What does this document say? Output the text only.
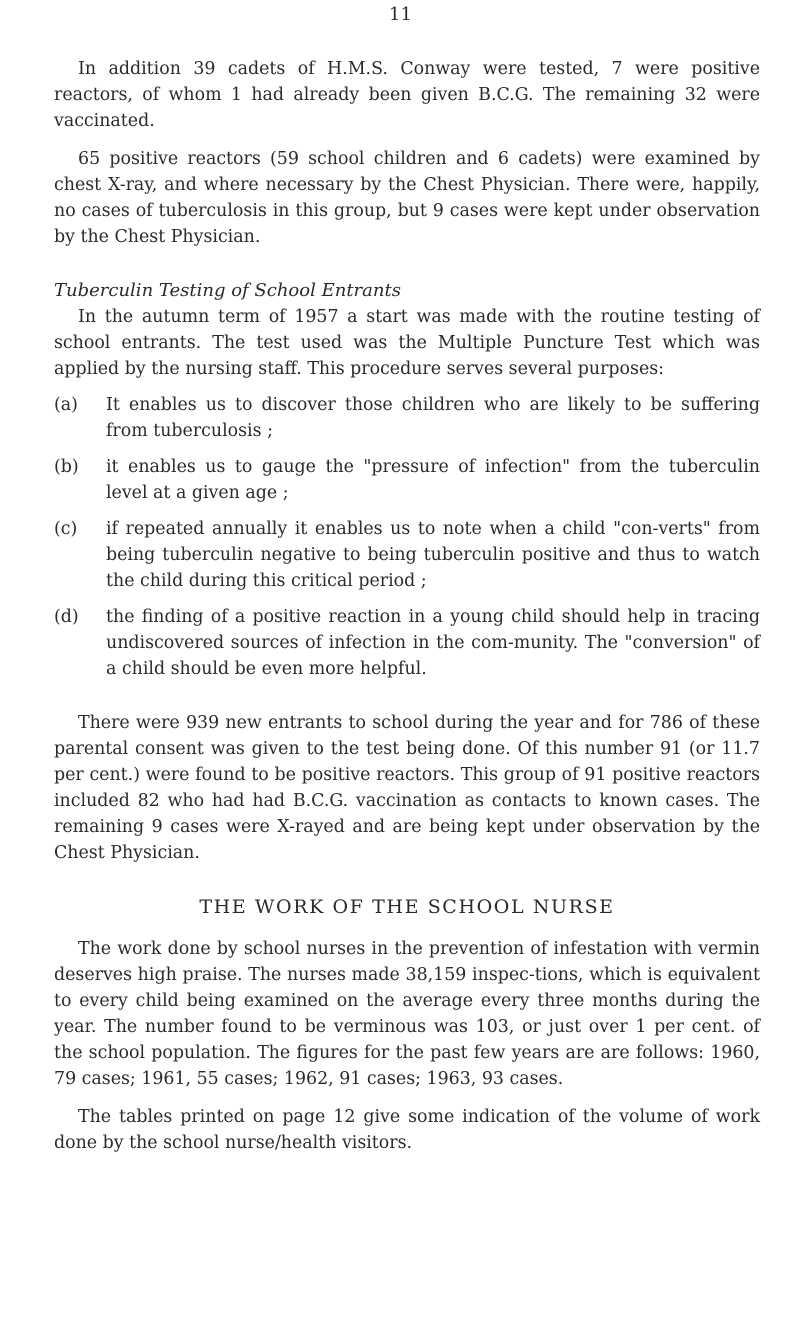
11

In addition 39 cadets of H.M.S. Conway were tested, 7 were positive reactors, of whom 1 had already been given B.C.G. The remaining 32 were vaccinated.

65 positive reactors (59 school children and 6 cadets) were examined by chest X-ray, and where necessary by the Chest Physician. There were, happily, no cases of tuberculosis in this group, but 9 cases were kept under observation by the Chest Physician.

Tuberculin Testing of School Entrants

In the autumn term of 1957 a start was made with the routine testing of school entrants. The test used was the Multiple Puncture Test which was applied by the nursing staff. This procedure serves several purposes:

(a) It enables us to discover those children who are likely to be suffering from tuberculosis ;
(b) it enables us to gauge the "pressure of infection" from the tuberculin level at a given age ;
(c) if repeated annually it enables us to note when a child "con-verts" from being tuberculin negative to being tuberculin positive and thus to watch the child during this critical period ;
(d) the finding of a positive reaction in a young child should help in tracing undiscovered sources of infection in the com-munity. The "conversion" of a child should be even more helpful.

There were 939 new entrants to school during the year and for 786 of these parental consent was given to the test being done. Of this number 91 (or 11.7 per cent.) were found to be positive reactors. This group of 91 positive reactors included 82 who had had B.C.G. vaccination as contacts to known cases. The remaining 9 cases were X-rayed and are being kept under observation by the Chest Physician.

THE WORK OF THE SCHOOL NURSE

The work done by school nurses in the prevention of infestation with vermin deserves high praise. The nurses made 38,159 inspec-tions, which is equivalent to every child being examined on the average every three months during the year. The number found to be verminous was 103, or just over 1 per cent. of the school population. The figures for the past few years are are follows: 1960, 79 cases; 1961, 55 cases; 1962, 91 cases; 1963, 93 cases.

The tables printed on page 12 give some indication of the volume of work done by the school nurse/health visitors.
